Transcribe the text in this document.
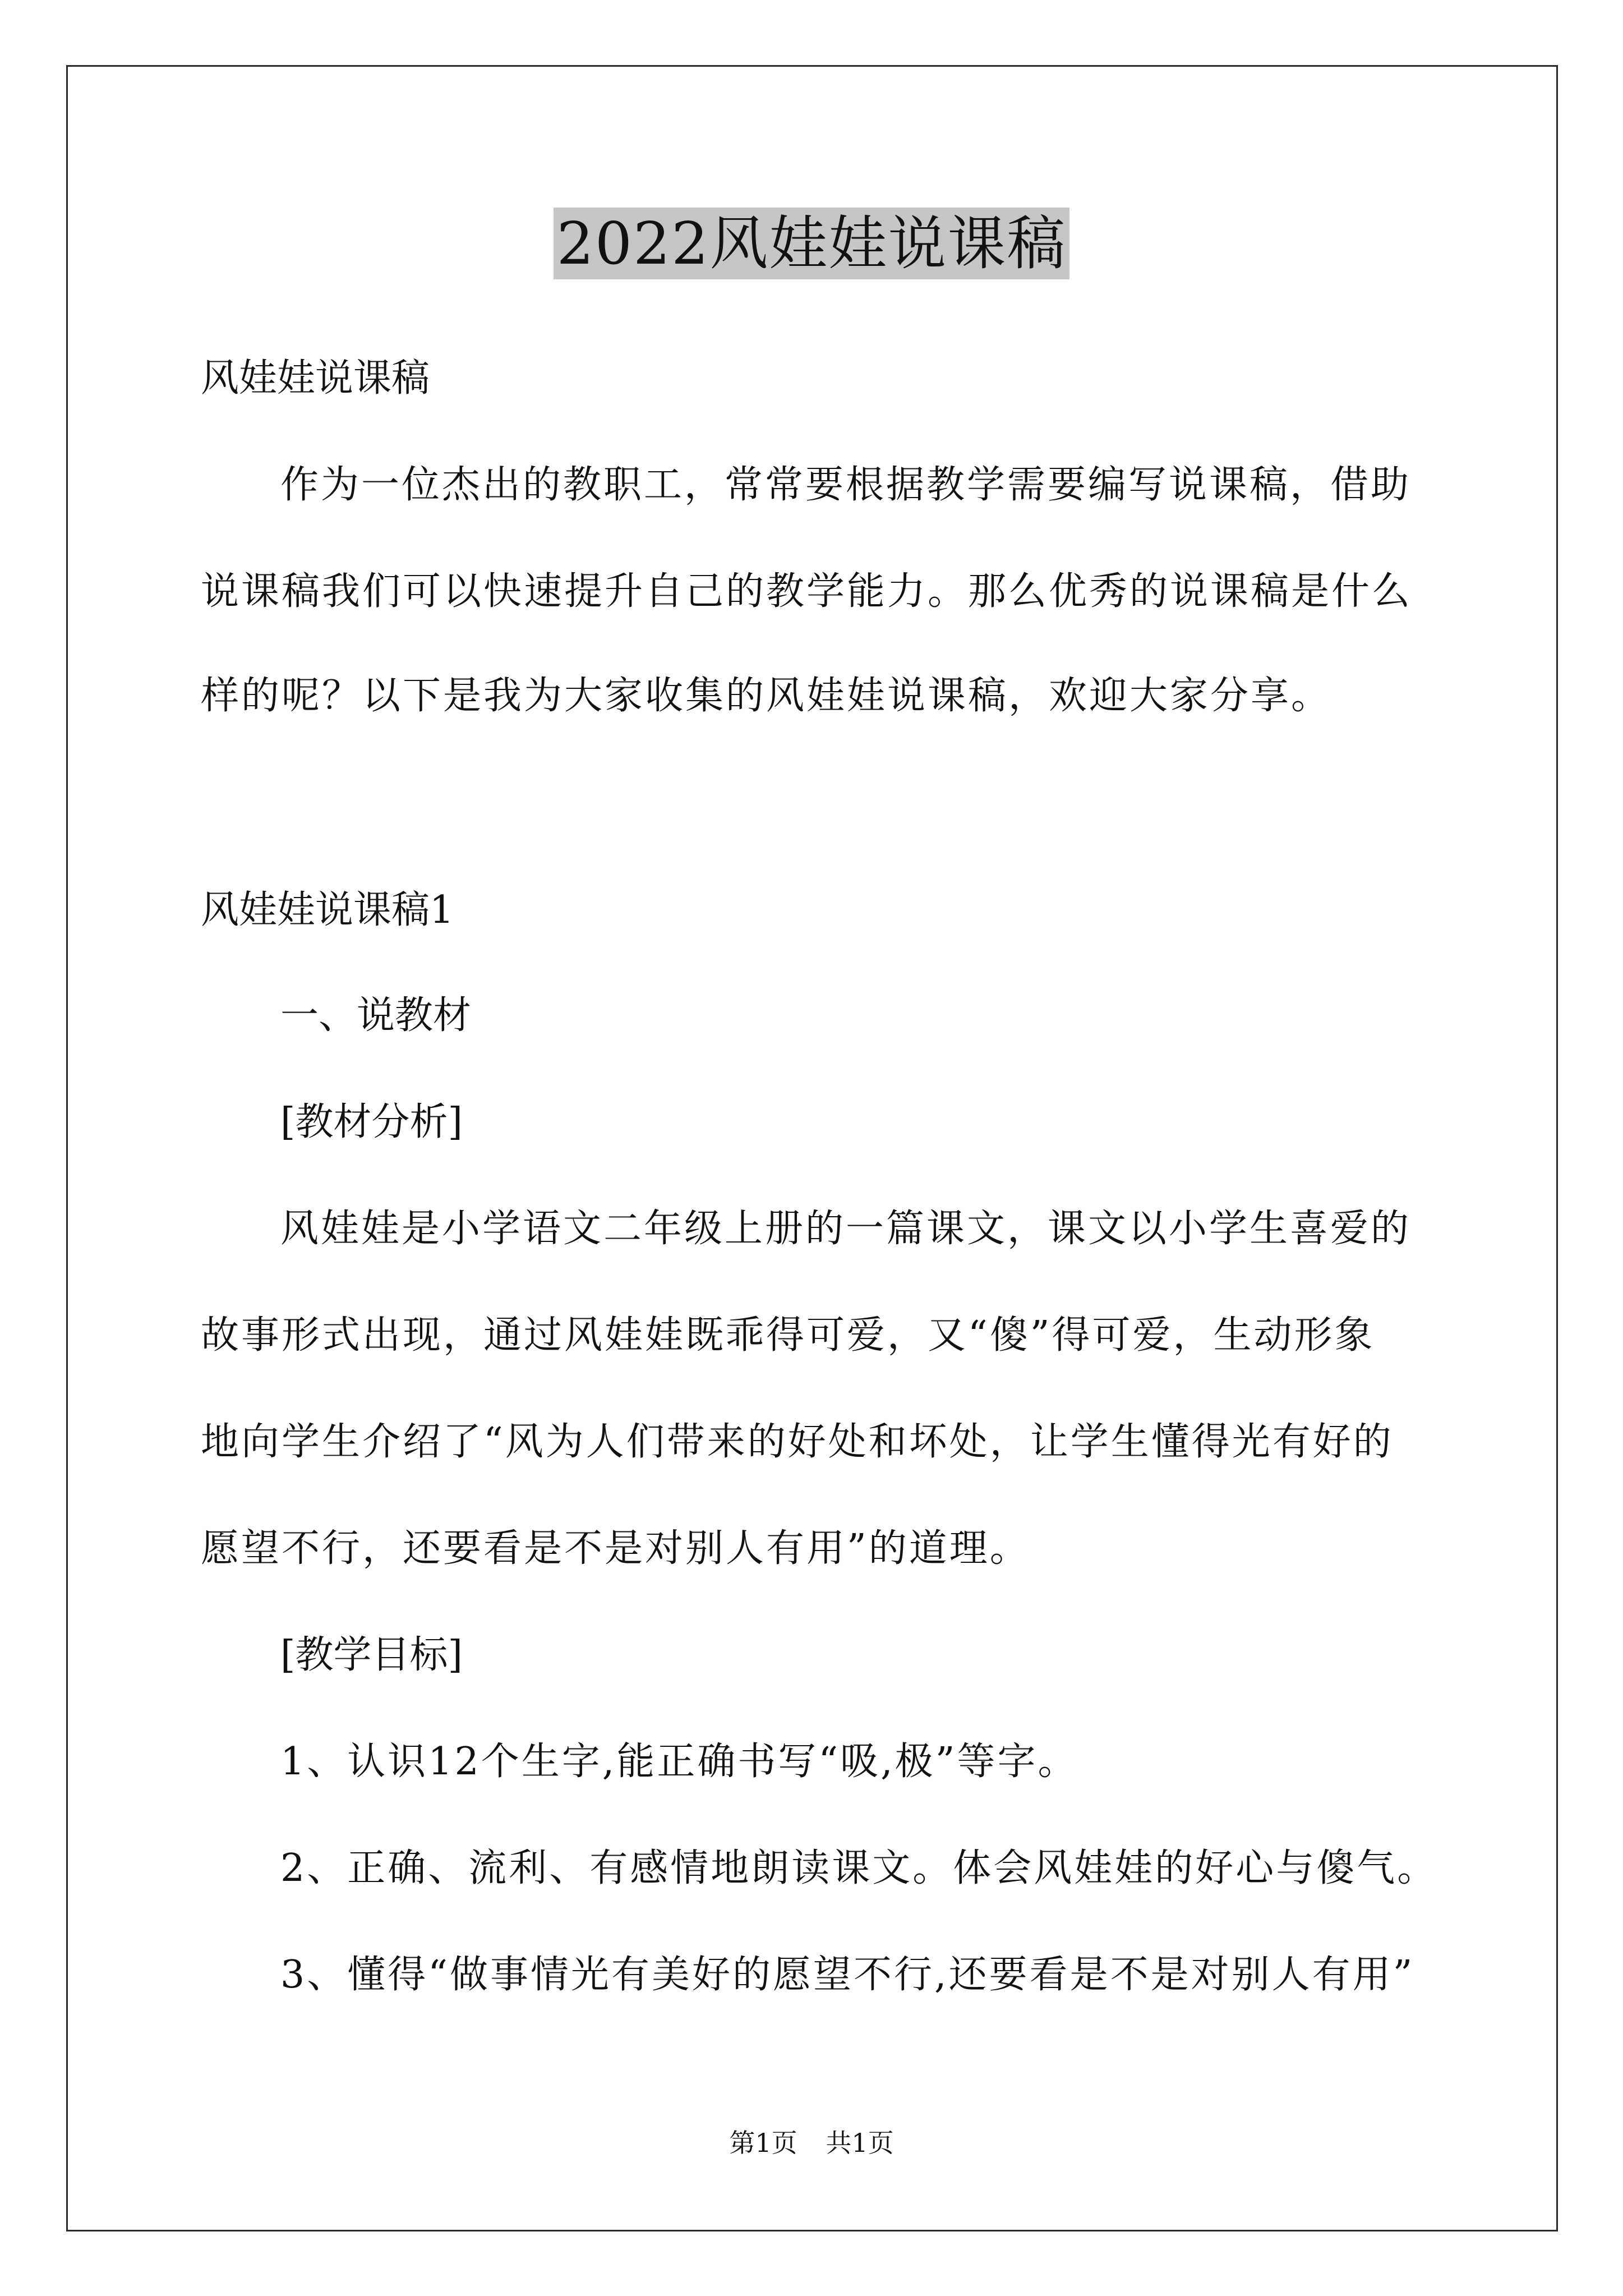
2022风娃娃说课稿

风娃娃说课稿

作为一位杰出的教职工，常常要根据教学需要编写说课稿，借助

说课稿我们可以快速提升自己的教学能力。那么优秀的说课稿是什么

样的呢？以下是我为大家收集的风娃娃说课稿，欢迎大家分享。

风娃娃说课稿1

一、说教材

[教材分析]

风娃娃是小学语文二年级上册的一篇课文，课文以小学生喜爱的

故事形式出现，通过风娃娃既乖得可爱，又“傻”得可爱，生动形象

地向学生介绍了“风为人们带来的好处和坏处，让学生懂得光有好的

愿望不行，还要看是不是对别人有用”的道理。

[教学目标]

1、认识12个生字,能正确书写“吸,极”等字。

2、正确、流利、有感情地朗读课文。体会风娃娃的好心与傻气。

3、懂得“做事情光有美好的愿望不行,还要看是不是对别人有用”

第1页 共1页
